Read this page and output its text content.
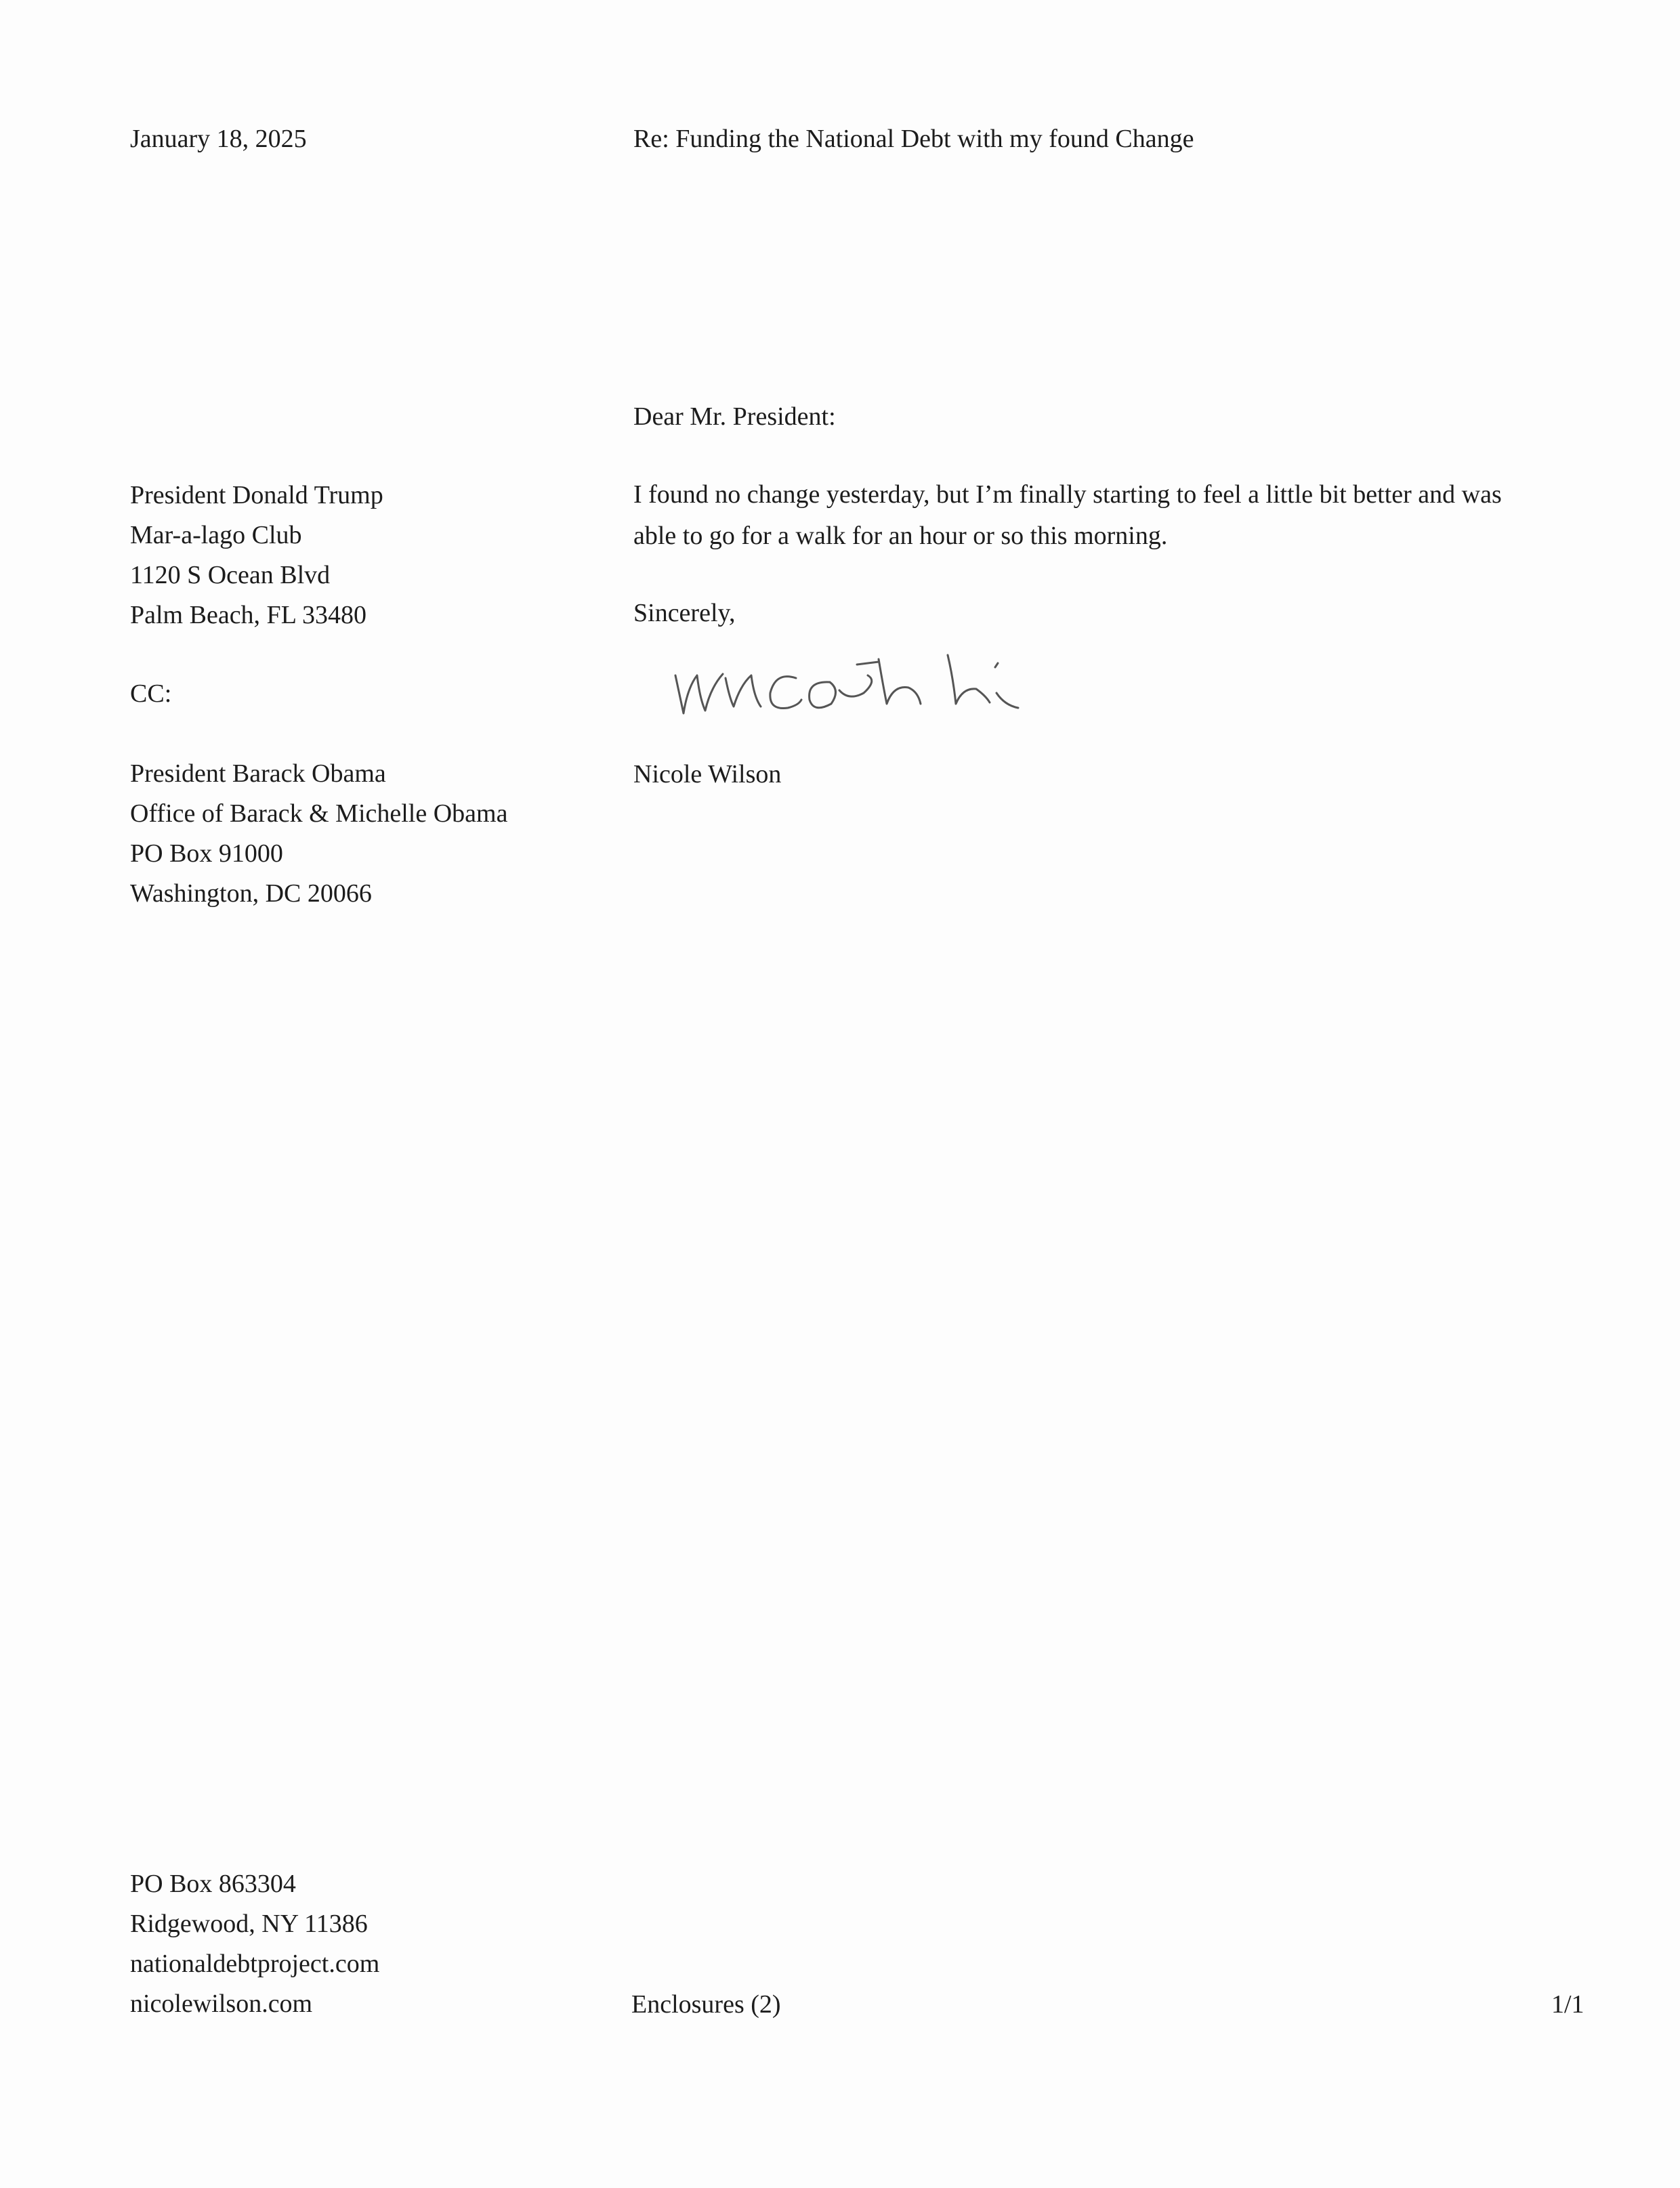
January 18, 2025	Re: Funding the National Debt with my found Change

Dear Mr. President:

President Donald Trump
Mar-a-lago Club
1120 S Ocean Blvd
Palm Beach, FL 33480
I found no change yesterday, but I’m finally starting to feel a little bit better and was
able to go for a walk for an hour or so this morning.

Sincerely,

CC:

President Barack Obama
Office of Barack & Michelle Obama
PO Box 91000
Washington, DC 20066

Nicole Wilson

PO Box 863304
Ridgewood, NY 11386
nationaldebtproject.com
nicolewilson.com	Enclosures (2)	1/1
